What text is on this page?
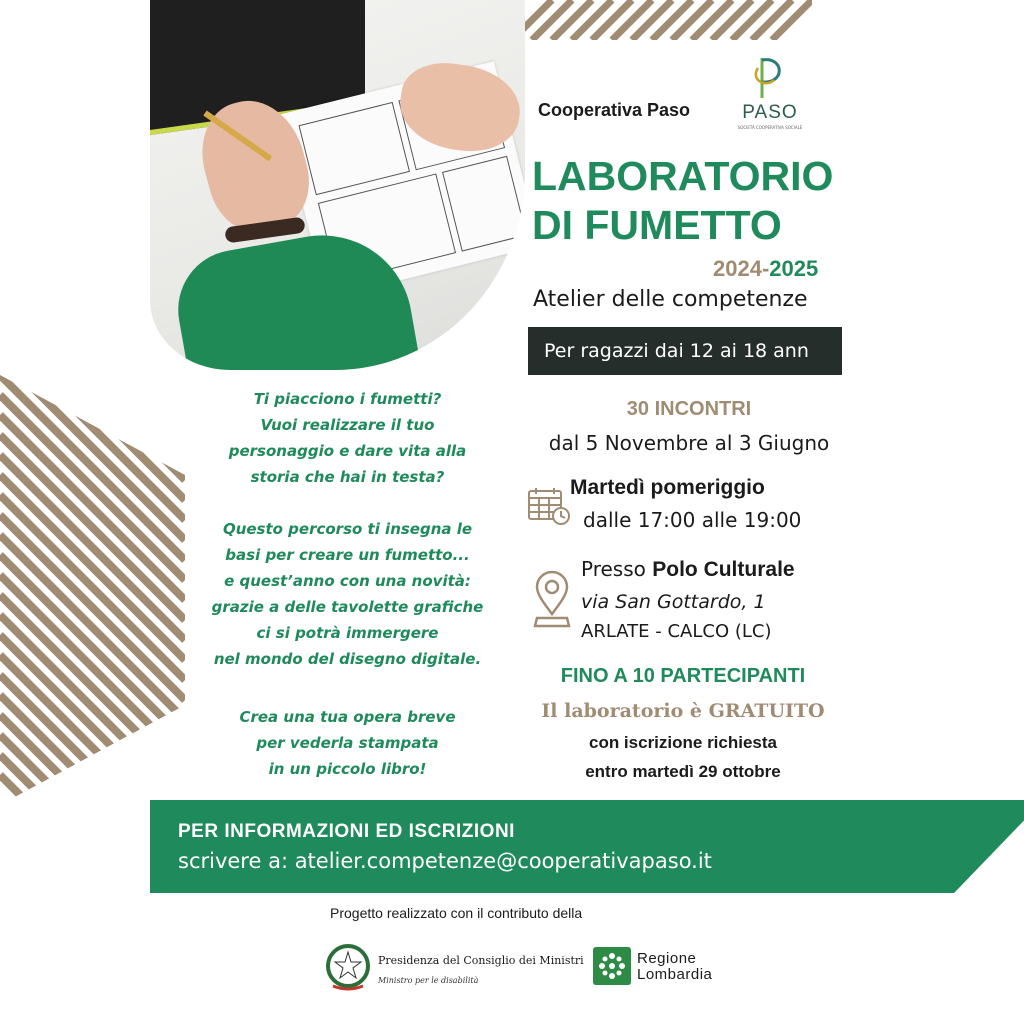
Cooperativa Paso	PASO
SOCIETÀ COOPERATIVA SOCIALE
LABORATORIO
DI FUMETTO
2024-2025
Atelier delle competenze
Per ragazzi dai 12 ai 18 ann
30 INCONTRI
dal 5 Novembre al 3 Giugno
Martedì pomeriggio
dalle 17:00 alle 19:00
Presso Polo Culturale
via San Gottardo, 1
ARLATE - CALCO (LC)
FINO A 10 PARTECIPANTI
Il laboratorio è GRATUITO
con iscrizione richiesta
entro martedì 29 ottobre
Ti piacciono i fumetti?
Vuoi realizzare il tuo
personaggio e dare vita alla
storia che hai in testa?
Questo percorso ti insegna le
basi per creare un fumetto...
e quest’anno con una novità:
grazie a delle tavolette grafiche
ci si potrà immergere
nel mondo del disegno digitale.
Crea una tua opera breve
per vederla stampata
in un piccolo libro!
PER INFORMAZIONI ED ISCRIZIONI
scrivere a: atelier.competenze@cooperativapaso.it
Progetto realizzato con il contributo della
Presidenza del Consiglio dei Ministri
Ministro per le disabilità
Regione
Lombardia
